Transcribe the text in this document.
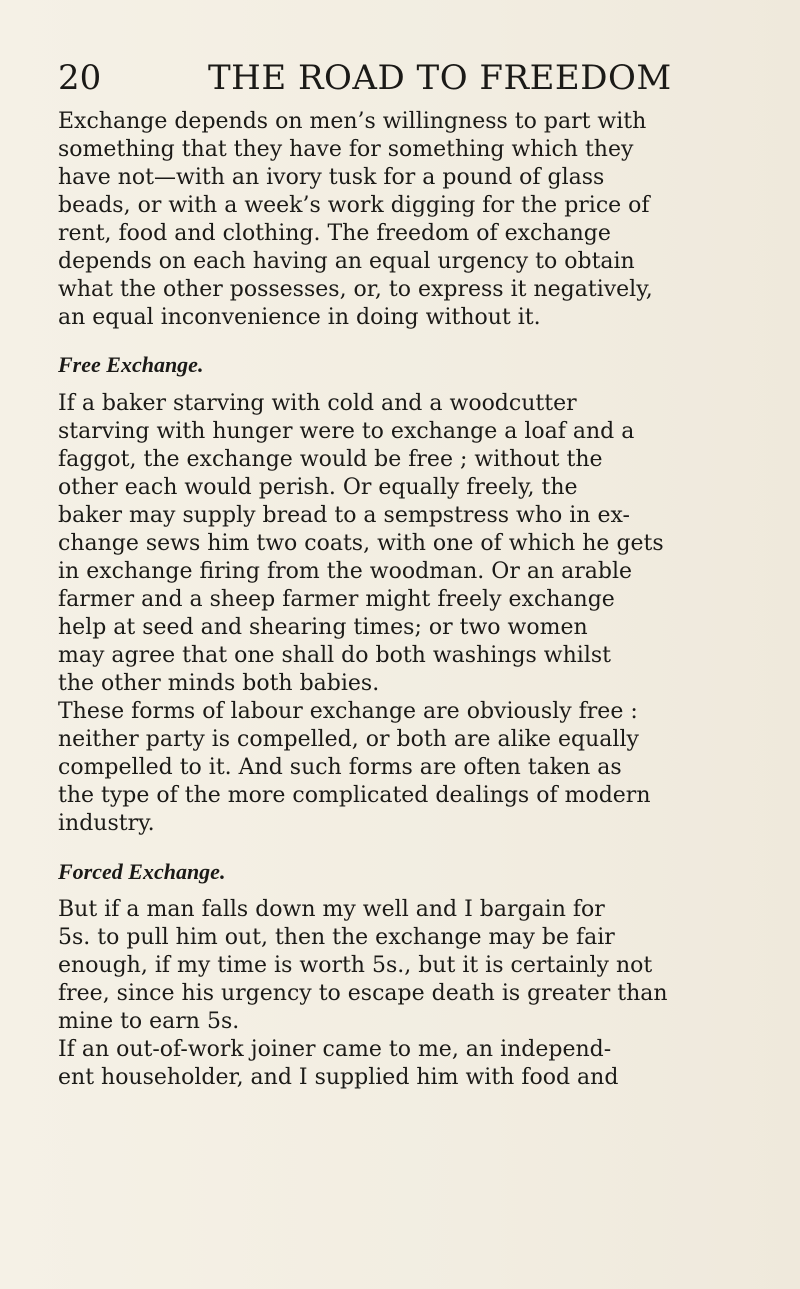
20	THE ROAD TO FREEDOM
Exchange depends on men’s willingness to part with
something that they have for something which they
have not—with an ivory tusk for a pound of glass
beads, or with a week’s work digging for the price of
rent, food and clothing. The freedom of exchange
depends on each having an equal urgency to obtain
what the other possesses, or, to express it negatively,
an equal inconvenience in doing without it.
Free Exchange.
If a baker starving with cold and a woodcutter
starving with hunger were to exchange a loaf and a
faggot, the exchange would be free ; without the
other each would perish. Or equally freely, the
baker may supply bread to a sempstress who in ex-
change sews him two coats, with one of which he gets
in exchange firing from the woodman. Or an arable
farmer and a sheep farmer might freely exchange
help at seed and shearing times; or two women
may agree that one shall do both washings whilst
the other minds both babies.
These forms of labour exchange are obviously free :
neither party is compelled, or both are alike equally
compelled to it. And such forms are often taken as
the type of the more complicated dealings of modern
industry.
Forced Exchange.
But if a man falls down my well and I bargain for
5s. to pull him out, then the exchange may be fair
enough, if my time is worth 5s., but it is certainly not
free, since his urgency to escape death is greater than
mine to earn 5s.
If an out-of-work joiner came to me, an independ-
ent householder, and I supplied him with food and
